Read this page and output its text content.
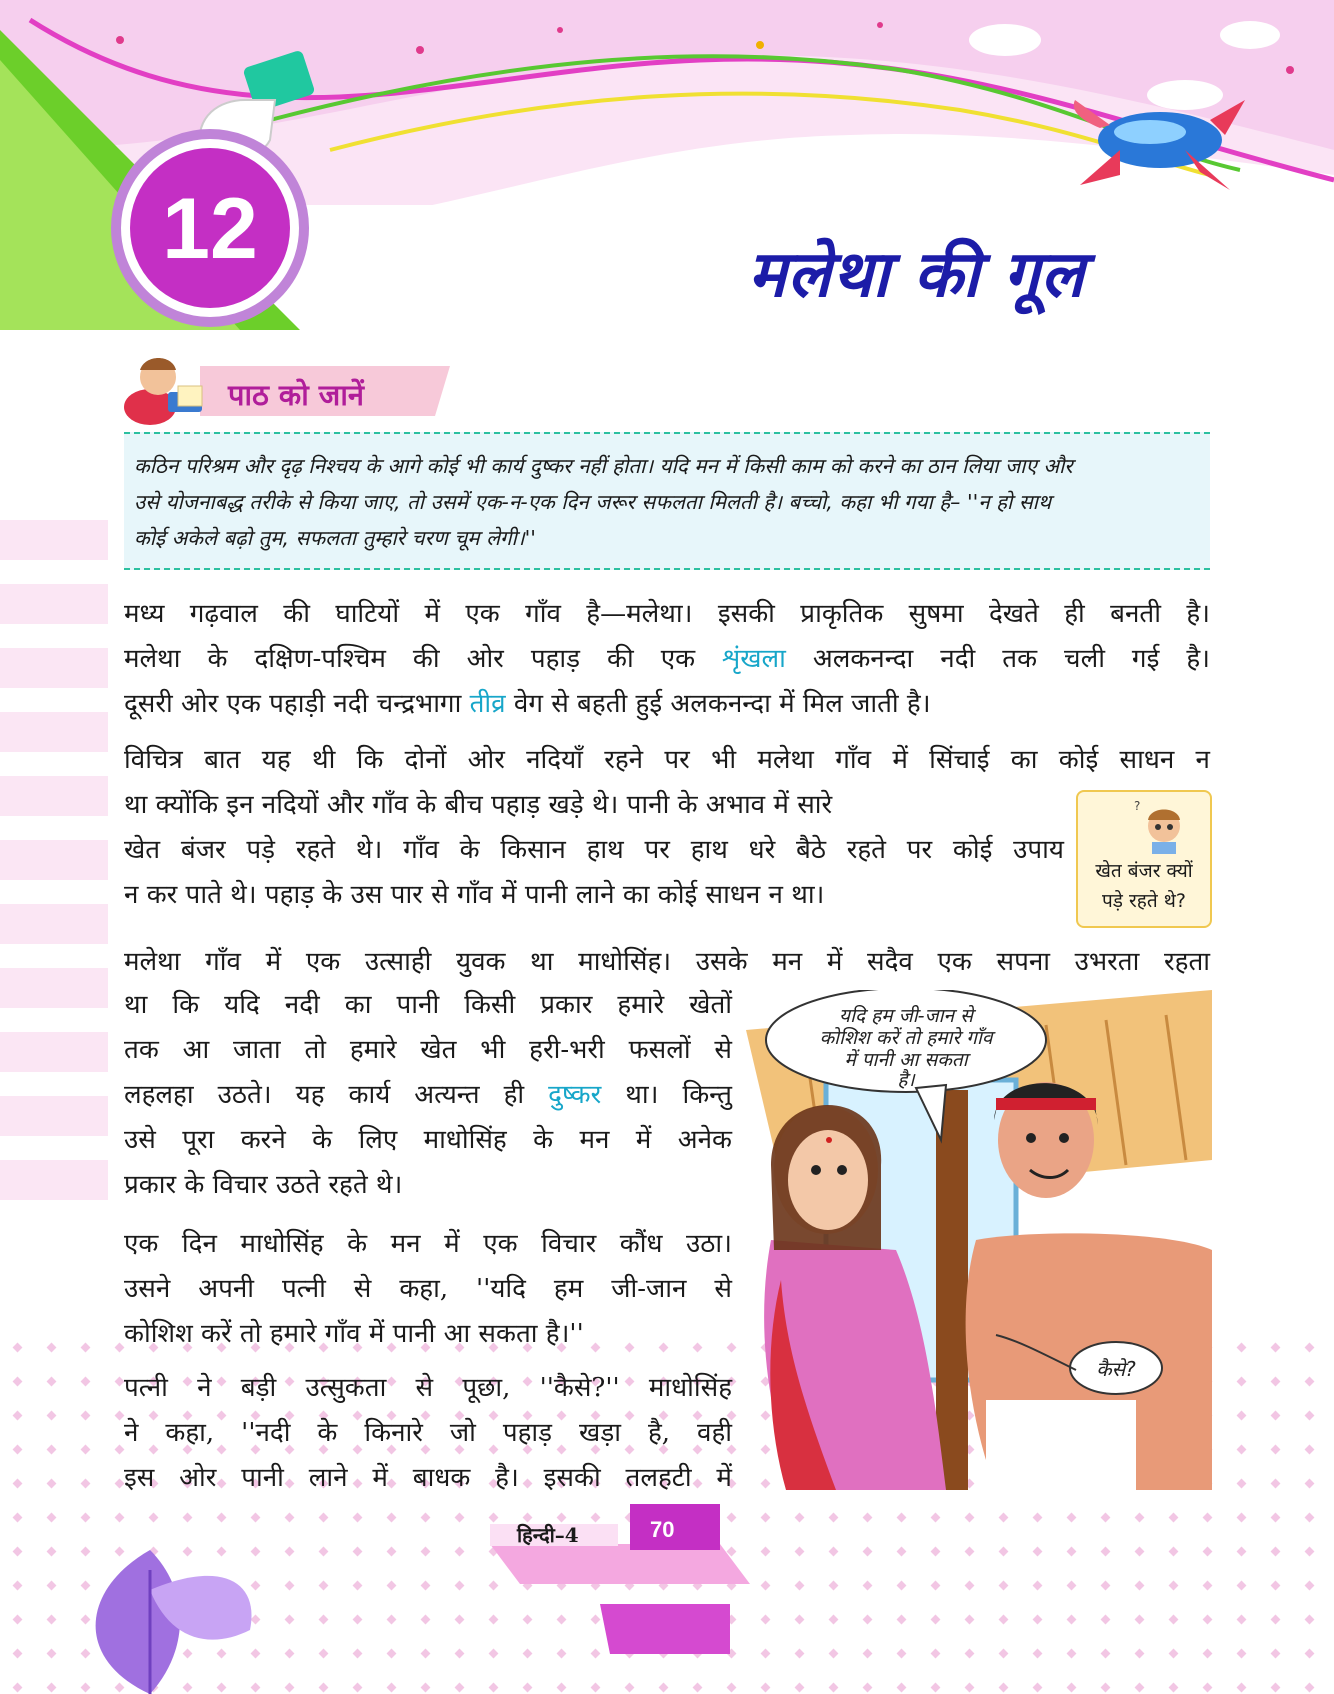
12	मलेथा की गूल
पाठ को जानें
कठिन परिश्रम और दृढ़ निश्चय के आगे कोई भी कार्य दुष्कर नहीं होता। यदि मन में किसी काम को करने का ठान लिया जाए और
उसे योजनाबद्ध तरीके से किया जाए, तो उसमें एक-न-एक दिन जरूर सफलता मिलती है। बच्चो, कहा भी गया है– ''न हो साथ
कोई अकेले बढ़ो तुम, सफलता तुम्हारे चरण चूम लेगी।''
मध्य गढ़वाल की घाटियों में एक गाँव है—मलेथा। इसकी प्राकृतिक सुषमा देखते ही बनती है।
मलेथा के दक्षिण-पश्चिम की ओर पहाड़ की एक शृंखला अलकनन्दा नदी तक चली गई है।
दूसरी ओर एक पहाड़ी नदी चन्द्रभागा तीव्र वेग से बहती हुई अलकनन्दा में मिल जाती है।
विचित्र बात यह थी कि दोनों ओर नदियाँ रहने पर भी मलेथा गाँव में सिंचाई का कोई साधन न
था क्योंकि इन नदियों और गाँव के बीच पहाड़ खड़े थे। पानी के अभाव में सारे
खेत बंजर पड़े रहते थे। गाँव के किसान हाथ पर हाथ धरे बैठे रहते पर कोई उपाय
न कर पाते थे। पहाड़ के उस पार से गाँव में पानी लाने का कोई साधन न था।
?
खेत बंजर क्यों
पड़े रहते थे?
मलेथा गाँव में एक उत्साही युवक था माधोसिंह। उसके मन में सदैव एक सपना उभरता रहता
था कि यदि नदी का पानी किसी प्रकार हमारे खेतों
तक आ जाता तो हमारे खेत भी हरी-भरी फसलों से
लहलहा उठते। यह कार्य अत्यन्त ही दुष्कर था। किन्तु
उसे पूरा करने के लिए माधोसिंह के मन में अनेक
प्रकार के विचार उठते रहते थे।
एक दिन माधोसिंह के मन में एक विचार कौंध उठा।
उसने अपनी पत्नी से कहा, ''यदि हम जी-जान से
कोशिश करें तो हमारे गाँव में पानी आ सकता है।''
पत्नी ने बड़ी उत्सुकता से पूछा, ''कैसे?'' माधोसिंह
ने कहा, ''नदी के किनारे जो पहाड़ खड़ा है, वही
इस ओर पानी लाने में बाधक है। इसकी तलहटी में
यदि हम जी-जान से
कोशिश करें तो हमारे गाँव
में पानी आ सकता
है।
कैसे?
हिन्दी–4	70
